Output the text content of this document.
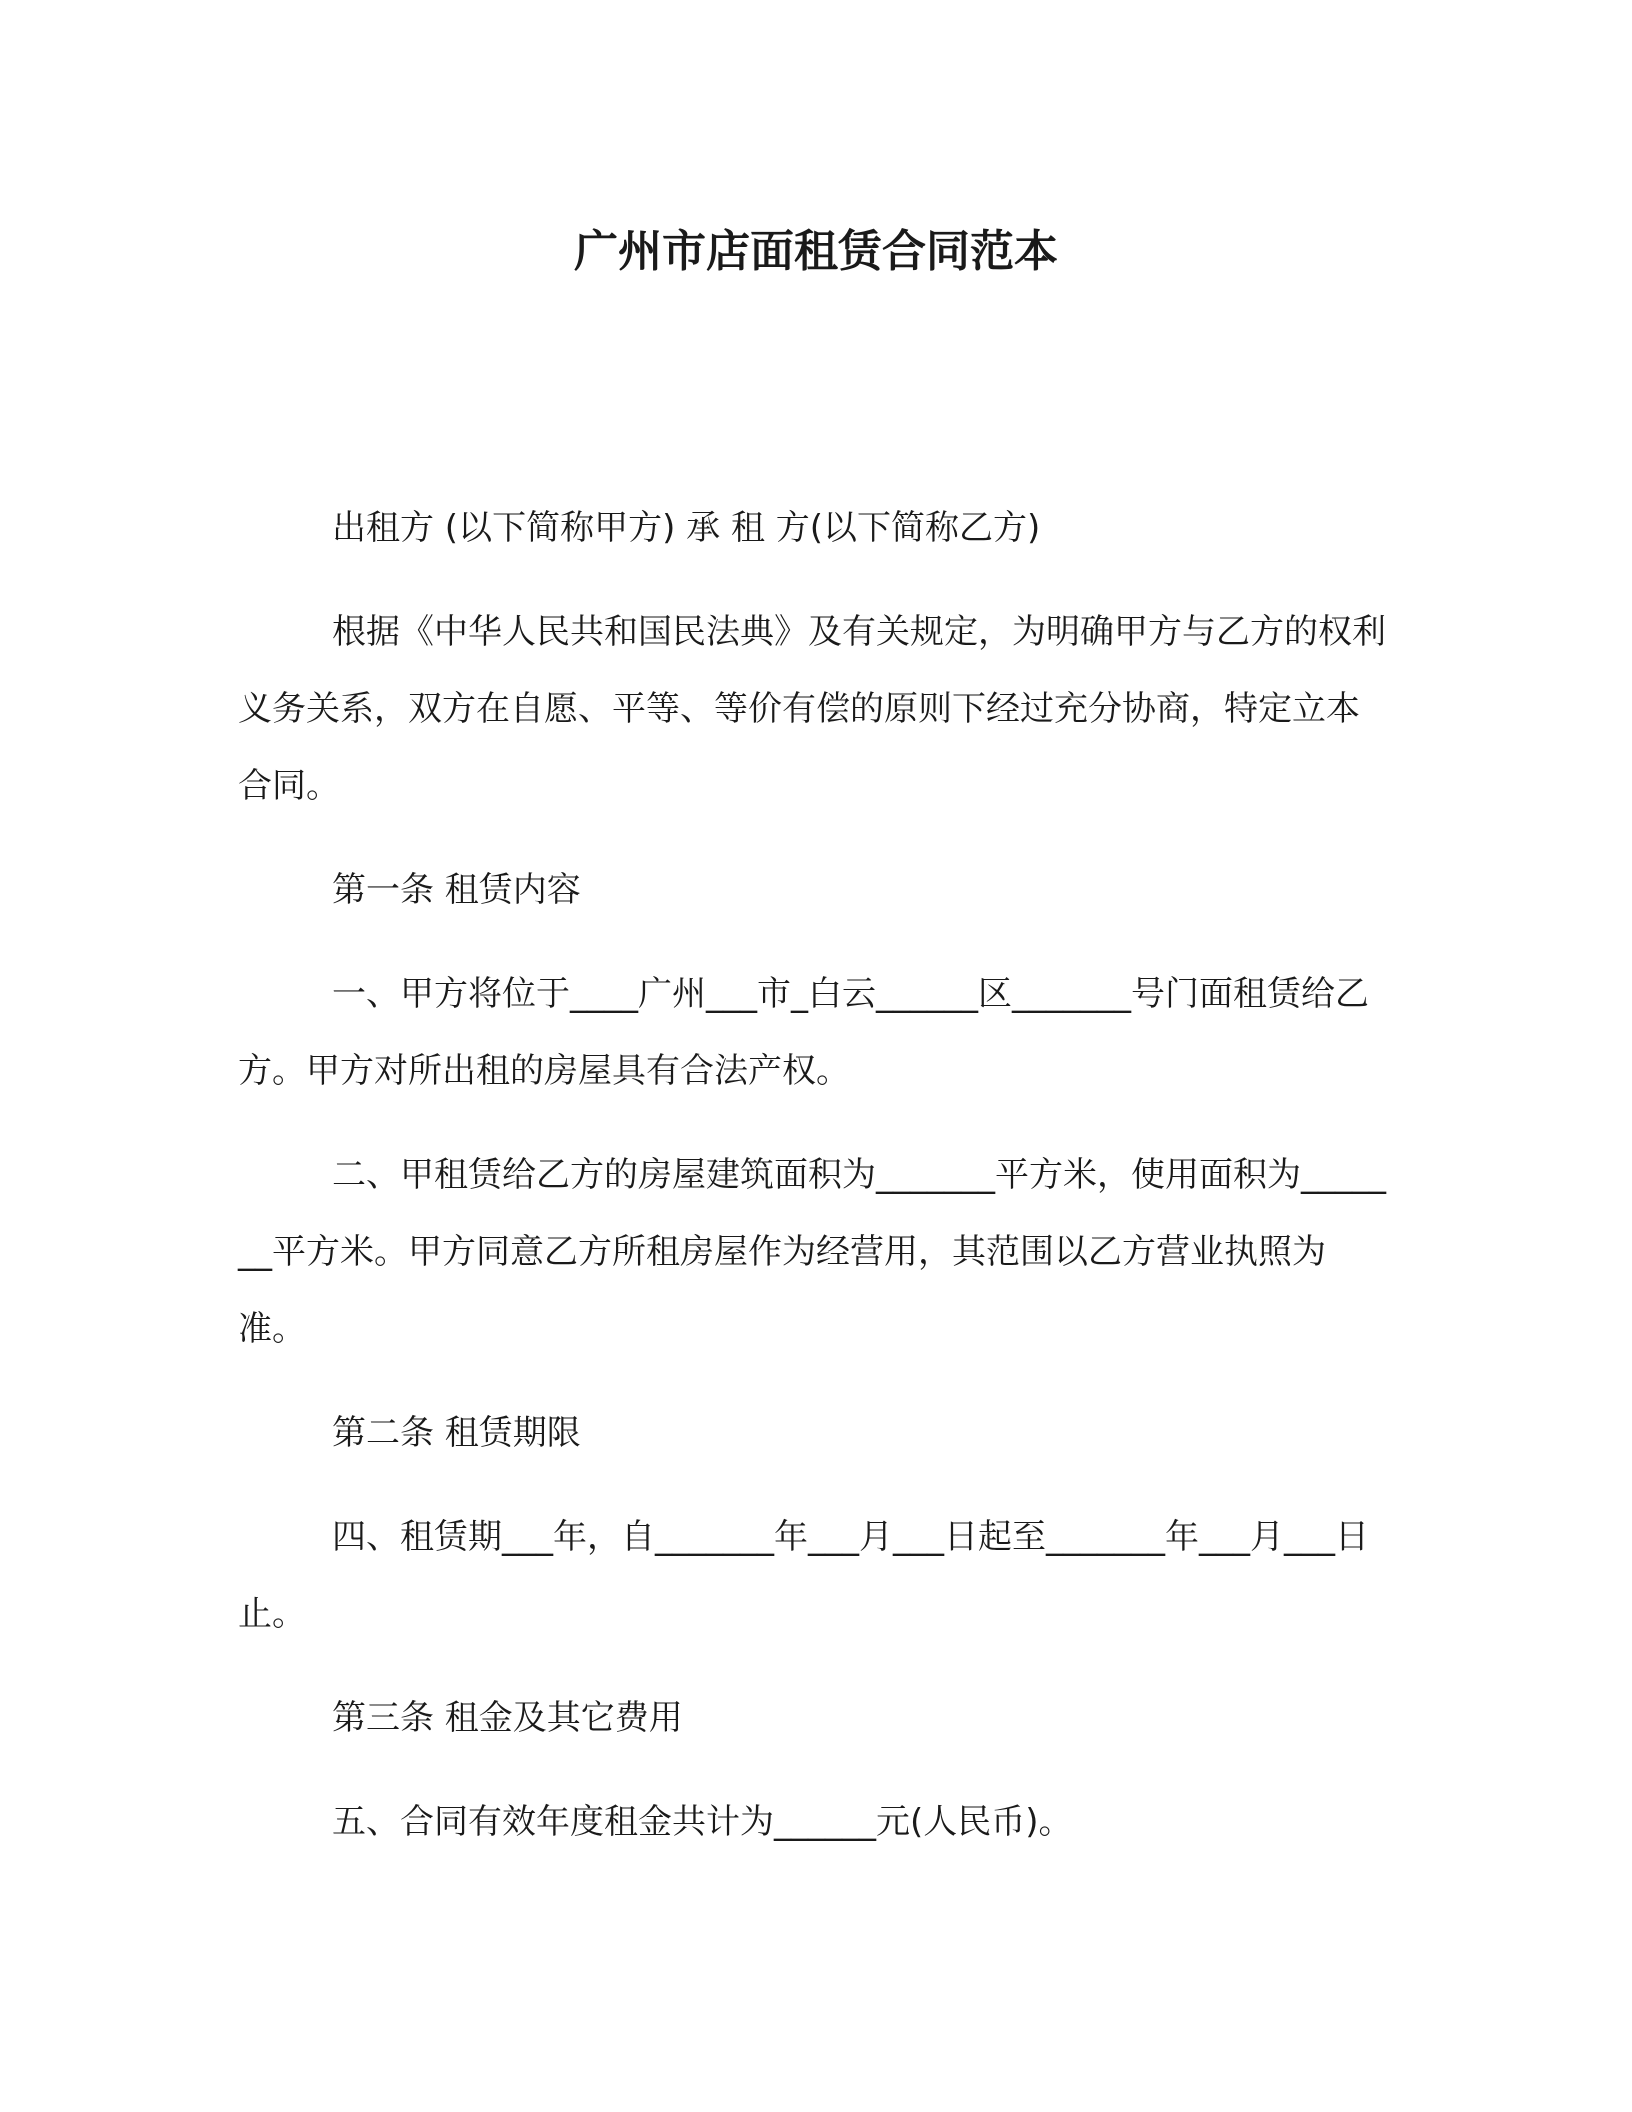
广州市店面租赁合同范本

出租方 (以下简称甲方) 承 租 方(以下简称乙方)

根据《中华人民共和国民法典》及有关规定，为明确甲方与乙方的权利义务关系，双方在自愿、平等、等价有偿的原则下经过充分协商，特定立本合同。

第一条 租赁内容

一、甲方将位于____广州___市_白云______区_______号门面租赁给乙方。甲方对所出租的房屋具有合法产权。

二、甲租赁给乙方的房屋建筑面积为_______平方米，使用面积为_______平方米。甲方同意乙方所租房屋作为经营用，其范围以乙方营业执照为准。

第二条 租赁期限

四、租赁期___年，自_______年___月___日起至_______年___月___日止。

第三条 租金及其它费用

五、合同有效年度租金共计为______元(人民币)。
